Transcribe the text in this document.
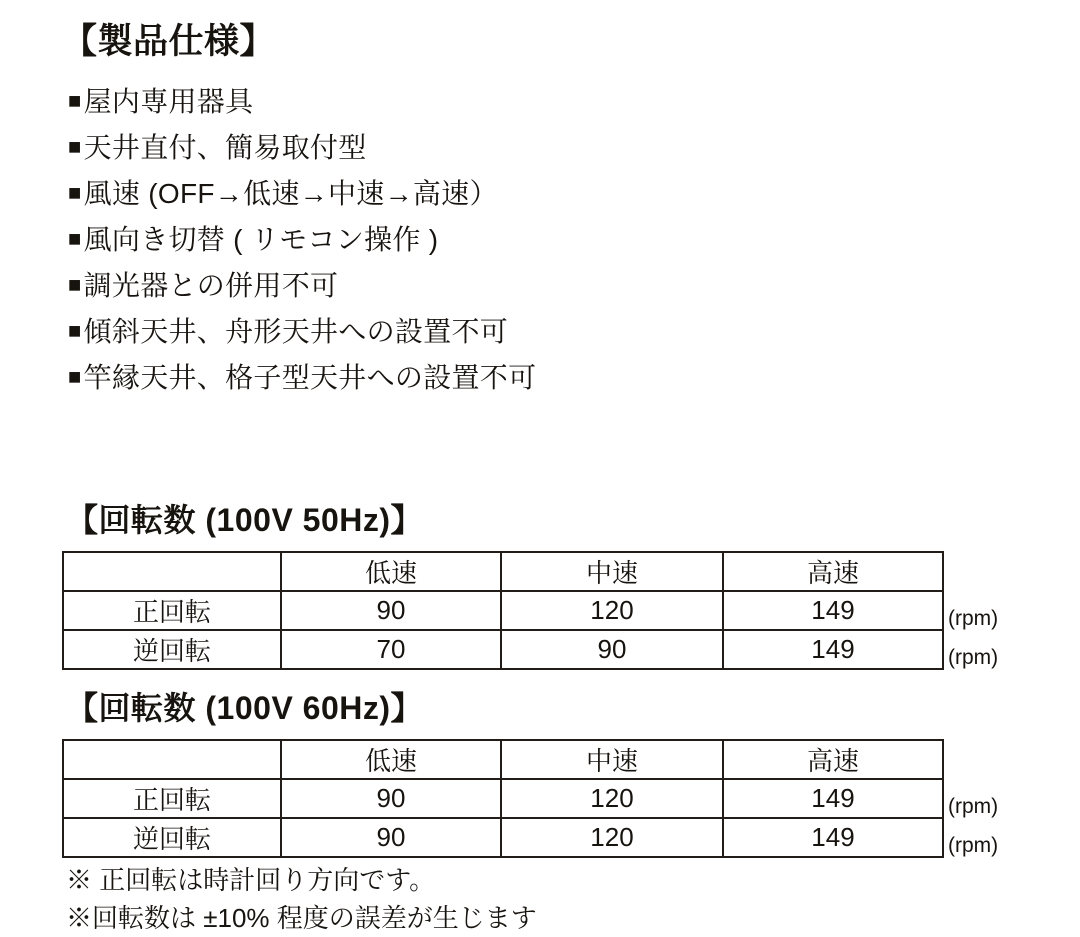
【製品仕様】
■屋内専用器具
■天井直付、簡易取付型
■風速 (OFF→低速→中速→高速）
■風向き切替 ( リモコン操作 )
■調光器との併用不可
■傾斜天井、舟形天井への設置不可
■竿縁天井、格子型天井への設置不可
【回転数 (100V 50Hz)】
	低速	中速	高速
正回転	90	120	149
逆回転	70	90	149
(rpm)
(rpm)
【回転数 (100V 60Hz)】
	低速	中速	高速
正回転	90	120	149
逆回転	90	120	149
(rpm)
(rpm)
※ 正回転は時計回り方向です。
※回転数は ±10% 程度の誤差が生じます
